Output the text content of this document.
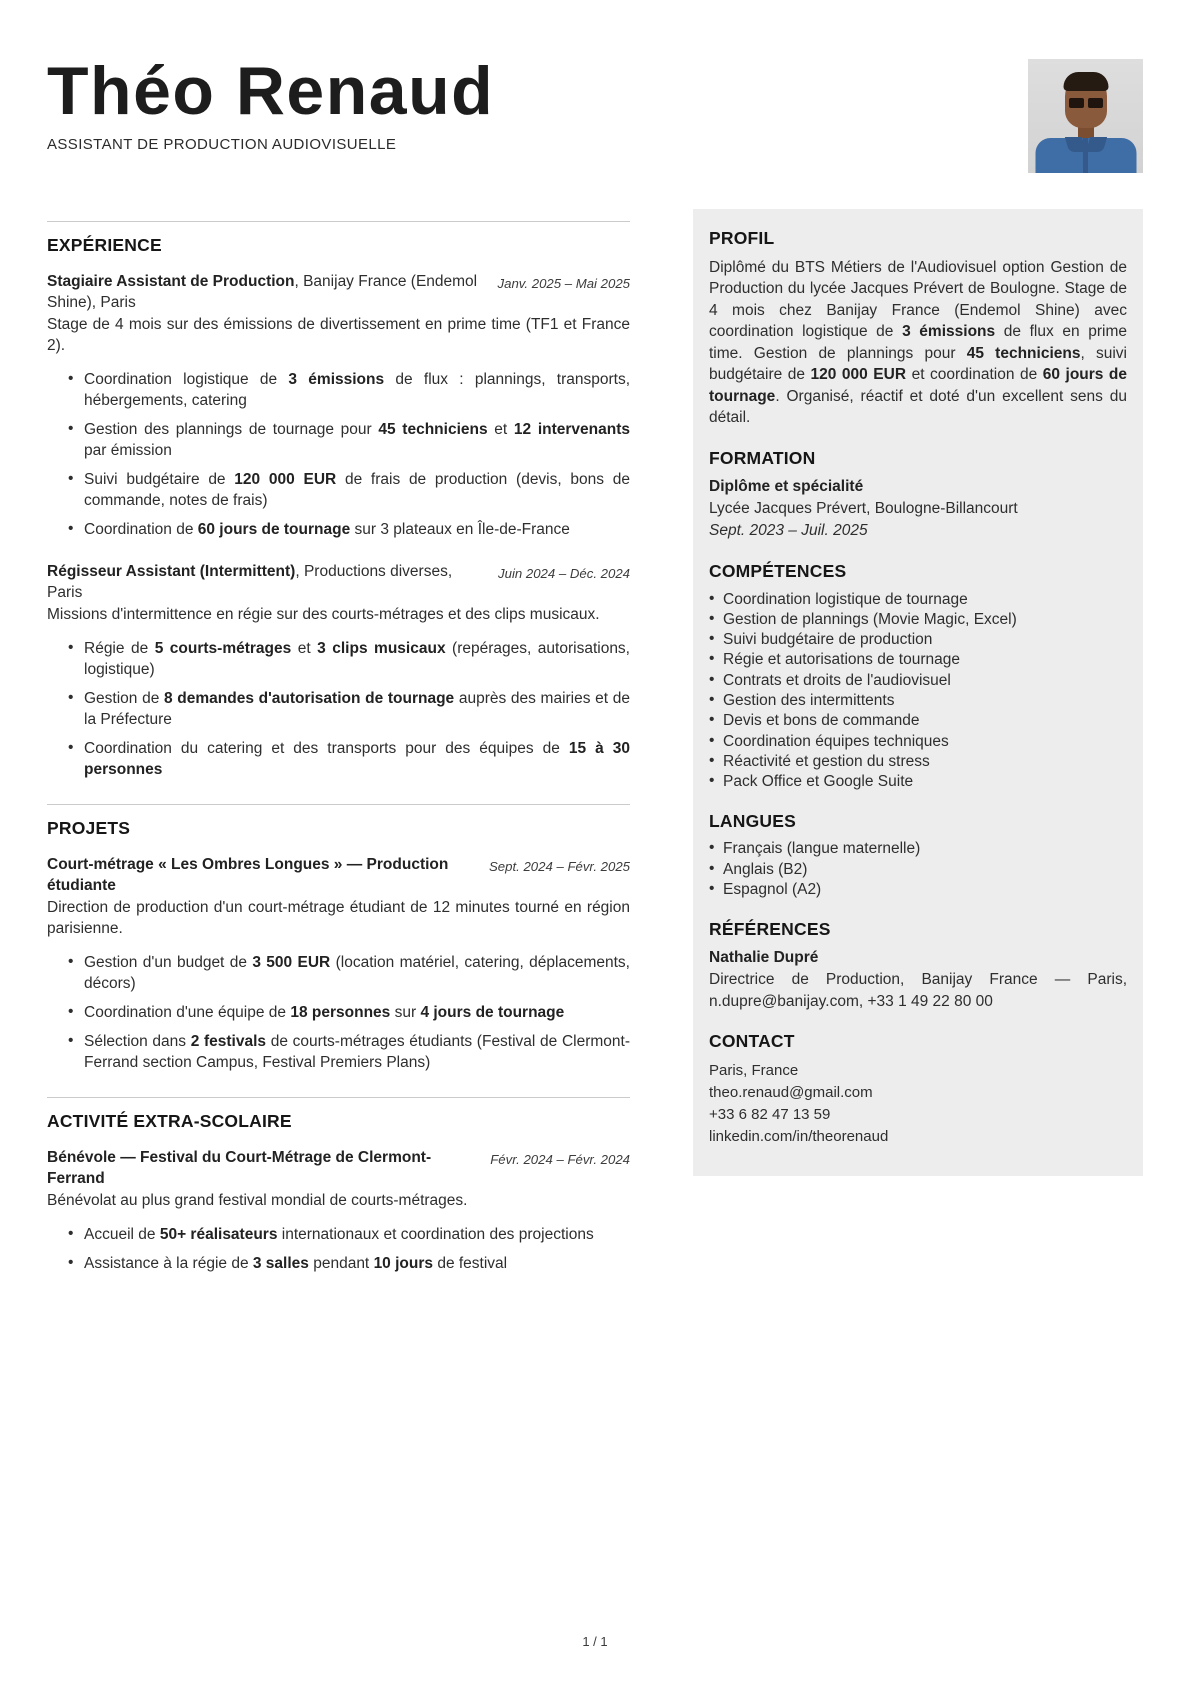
Théo Renaud
ASSISTANT DE PRODUCTION AUDIOVISUELLE
EXPÉRIENCE
Janv. 2025 – Mai 2025
Stagiaire Assistant de Production, Banijay France (Endemol Shine), Paris

Stage de 4 mois sur des émissions de divertissement en prime time (TF1 et France 2).

• Coordination logistique de 3 émissions de flux : plannings, transports, hébergements, catering
• Gestion des plannings de tournage pour 45 techniciens et 12 intervenants par émission
• Suivi budgétaire de 120 000 EUR de frais de production (devis, bons de commande, notes de frais)
• Coordination de 60 jours de tournage sur 3 plateaux en Île-de-France
Juin 2024 – Déc. 2024
Régisseur Assistant (Intermittent), Productions diverses, Paris

Missions d'intermittence en régie sur des courts-métrages et des clips musicaux.

• Régie de 5 courts-métrages et 3 clips musicaux (repérages, autorisations, logistique)
• Gestion de 8 demandes d'autorisation de tournage auprès des mairies et de la Préfecture
• Coordination du catering et des transports pour des équipes de 15 à 30 personnes
PROJETS
Sept. 2024 – Févr. 2025
Court-métrage « Les Ombres Longues » — Production étudiante

Direction de production d'un court-métrage étudiant de 12 minutes tourné en région parisienne.

• Gestion d'un budget de 3 500 EUR (location matériel, catering, déplacements, décors)
• Coordination d'une équipe de 18 personnes sur 4 jours de tournage
• Sélection dans 2 festivals de courts-métrages étudiants (Festival de Clermont-Ferrand section Campus, Festival Premiers Plans)
ACTIVITÉ EXTRA-SCOLAIRE
Févr. 2024 – Févr. 2024
Bénévole — Festival du Court-Métrage de Clermont-Ferrand

Bénévolat au plus grand festival mondial de courts-métrages.

• Accueil de 50+ réalisateurs internationaux et coordination des projections
• Assistance à la régie de 3 salles pendant 10 jours de festival
PROFIL

Diplômé du BTS Métiers de l'Audiovisuel option Gestion de Production du lycée Jacques Prévert de Boulogne. Stage de 4 mois chez Banijay France (Endemol Shine) avec coordination logistique de 3 émissions de flux en prime time. Gestion de plannings pour 45 techniciens, suivi budgétaire de 120 000 EUR et coordination de 60 jours de tournage. Organisé, réactif et doté d'un excellent sens du détail.

FORMATION
Diplôme et spécialité
Lycée Jacques Prévert, Boulogne-Billancourt
Sept. 2023 – Juil. 2025
COMPÉTENCES
• Coordination logistique de tournage
• Gestion de plannings (Movie Magic, Excel)
• Suivi budgétaire de production
• Régie et autorisations de tournage
• Contrats et droits de l'audiovisuel
• Gestion des intermittents
• Devis et bons de commande
• Coordination équipes techniques
• Réactivité et gestion du stress
• Pack Office et Google Suite
LANGUES
• Français (langue maternelle)
• Anglais (B2)
• Espagnol (A2)
RÉFÉRENCES
Nathalie Dupré

Directrice de Production, Banijay France — Paris, n.dupre@banijay.com, +33 1 49 22 80 00

CONTACT
Paris, France
theo.renaud@gmail.com
+33 6 82 47 13 59
linkedin.com/in/theorenaud
1 / 1
